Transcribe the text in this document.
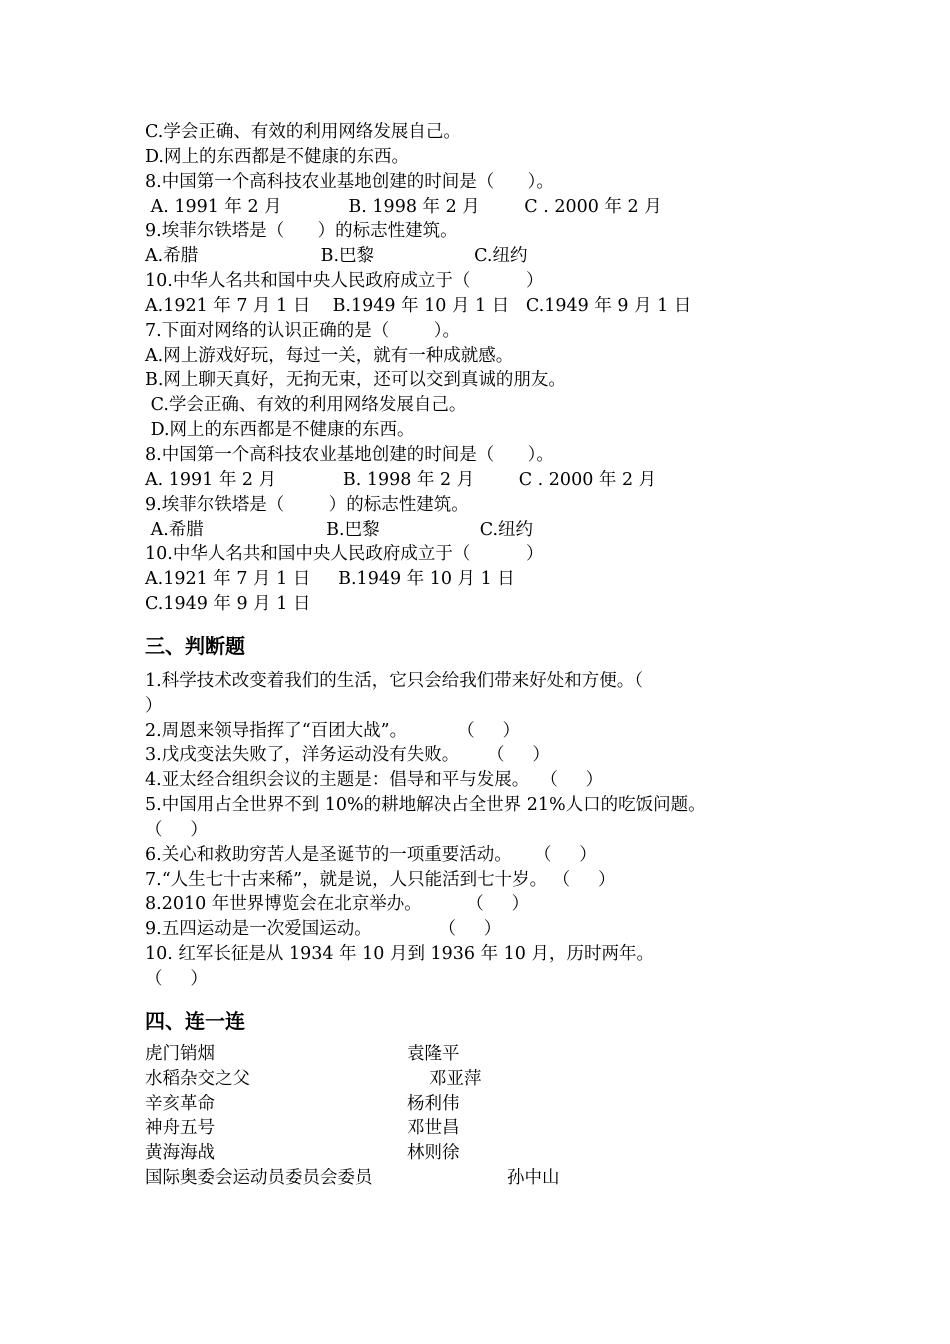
C.学会正确、有效的利用网络发展自己。
D.网上的东西都是不健康的东西。
8.中国第一个高科技农业基地创建的时间是（      ）。
A. 1991 年 2 月            B. 1998 年 2 月        C . 2000 年 2 月
9.埃菲尔铁塔是（      ）的标志性建筑。
A.希腊                      B.巴黎                  C.纽约
10.中华人名共和国中央人民政府成立于（          ）
A.1921 年 7 月 1 日    B.1949 年 10 月 1 日   C.1949 年 9 月 1 日
7.下面对网络的认识正确的是（        ）。
A.网上游戏好玩，每过一关，就有一种成就感。
B.网上聊天真好，无拘无束，还可以交到真诚的朋友。
C.学会正确、有效的利用网络发展自己。
D.网上的东西都是不健康的东西。
8.中国第一个高科技农业基地创建的时间是（      ）。
A. 1991 年 2 月            B. 1998 年 2 月        C . 2000 年 2 月
9.埃菲尔铁塔是（        ）的标志性建筑。
A.希腊                      B.巴黎                  C.纽约
10.中华人名共和国中央人民政府成立于（          ）
A.1921 年 7 月 1 日     B.1949 年 10 月 1 日
C.1949 年 9 月 1 日
三、判断题
1.科学技术改变着我们的生活，它只会给我们带来好处和方便。（
）
2.周恩来领导指挥了“百团大战”。         （     ）
3.戊戌变法失败了，洋务运动没有失败。     （     ）
4.亚太经合组织会议的主题是：倡导和平与发展。  （     ）
5.中国用占全世界不到 10%的耕地解决占全世界 21%人口的吃饭问题。
（     ）
6.关心和救助穷苦人是圣诞节的一项重要活动。    （     ）
7.“人生七十古来稀”，就是说，人只能活到七十岁。 （     ）
8.2010 年世界博览会在北京举办。        （     ）
9.五四运动是一次爱国运动。            （     ）
10. 红军长征是从 1934 年 10 月到 1936 年 10 月，历时两年。
（     ）
四、连一连
虎门销烟	袁隆平
水稻杂交之父	邓亚萍
辛亥革命	杨利伟
神舟五号	邓世昌
黄海海战	林则徐
国际奥委会运动员委员会委员	孙中山
